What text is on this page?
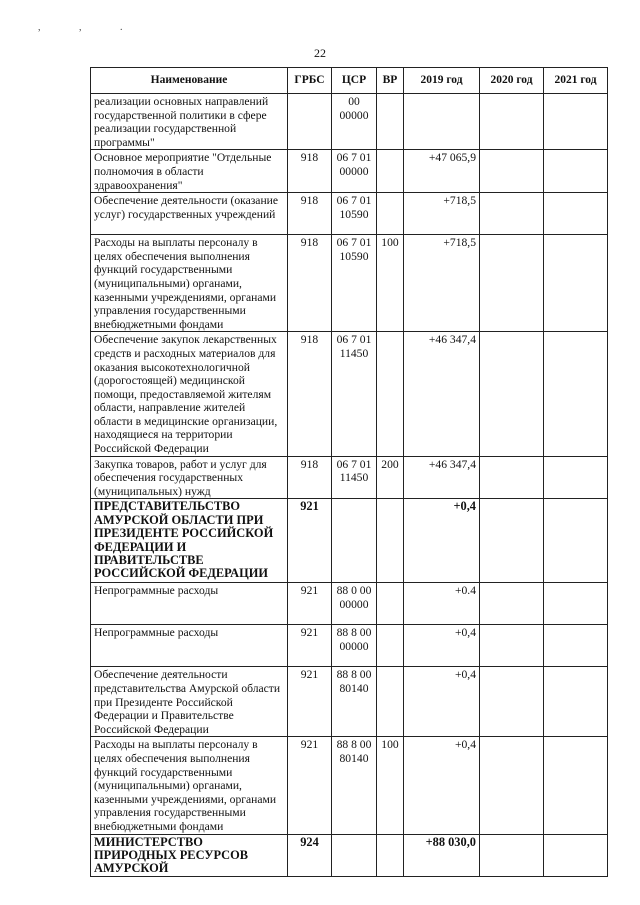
, , .
22
Наименование	ГРБС	ЦСР	ВР	2019 год	2020 год	2021 год
реализации основных направлений государственной политики в сфере реализации государственной программы"		00 00000				
Основное мероприятие "Отдельные полномочия в области здравоохранения"	918	06 7 01 00000		+47 065,9		
Обеспечение деятельности (оказание услуг) государственных учреждений	918	06 7 01 10590		+718,5		
Расходы на выплаты персоналу в целях обеспечения выполнения функций государственными (муниципальными) органами, казенными учреждениями, органами управления государственными внебюджетными фондами	918	06 7 01 10590	100	+718,5		
Обеспечение закупок лекарственных средств и расходных материалов для оказания высокотехнологичной (дорогостоящей) медицинской помощи, предоставляемой жителям области, направление жителей области в медицинские организации, находящиеся на территории Российской Федерации	918	06 7 01 11450		+46 347,4		
Закупка товаров, работ и услуг для обеспечения государственных (муниципальных) нужд	918	06 7 01 11450	200	+46 347,4		
ПРЕДСТАВИТЕЛЬСТВО АМУРСКОЙ ОБЛАСТИ ПРИ ПРЕЗИДЕНТЕ РОССИЙСКОЙ ФЕДЕРАЦИИ И ПРАВИТЕЛЬСТВЕ РОССИЙСКОЙ ФЕДЕРАЦИИ	921			+0,4		
Непрограммные расходы	921	88 0 00 00000		+0.4		
Непрограммные расходы	921	88 8 00 00000		+0,4		
Обеспечение деятельности представительства Амурской области при Президенте Российской Федерации и Правительстве Российской Федерации	921	88 8 00 80140		+0,4		
Расходы на выплаты персоналу в целях обеспечения выполнения функций государственными (муниципальными) органами, казенными учреждениями, органами управления государственными внебюджетными фондами	921	88 8 00 80140	100	+0,4		
МИНИСТЕРСТВО ПРИРОДНЫХ РЕСУРСОВ АМУРСКОЙ	924			+88 030,0		
